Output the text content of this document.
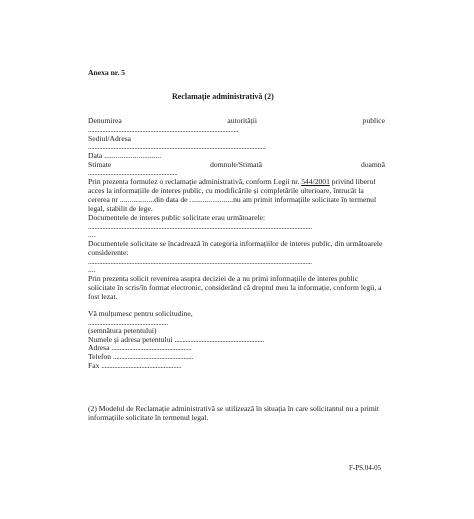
Anexa nr. 5
Reclamație administrativă (2)
Denumirea	autorității	publice
..............................................................................................
Sediul/Adresa
...............................................................................................................
Data ..............................
Stimate	domnule/Stimată	doamnă
........................................................
Prin prezenta formulez o reclamație administrativă, conform Legii nr. 544/2001 privind liberul
acces la informațiile de interes public, cu modificările și completările ulterioare, întrucât la
cererea nr ..................din data de .......................nu am primit informațiile solicitate în termenul
legal, stabilit de lege.
Documentele de interes public solicitate erau următoarele:
............................................................................................................................................
....
Documentele solicitate se încadrează în categoria informațiilor de interes public, din următoarele
considerente:
............................................................................................................................................
....
Prin prezenta solicit revenirea asupra deciziei de a nu primi informațiile de interes public
solicitate în scris/în format electronic, considerând că dreptul meu la informație, conform legii, a
fost lezat.
Vă mulțumesc pentru solicitudine,
..................................................
(semnătura petentului)
Numele și adresa petentului ........................................................
Adresa ..................................................
Telefon ..................................................
Fax ..................................................
(2) Modelul de Reclamație administrativă se utilizează în situația în care solicitantul nu a primit
informațiile solicitate în termenul legal.
F-PS.04-05
